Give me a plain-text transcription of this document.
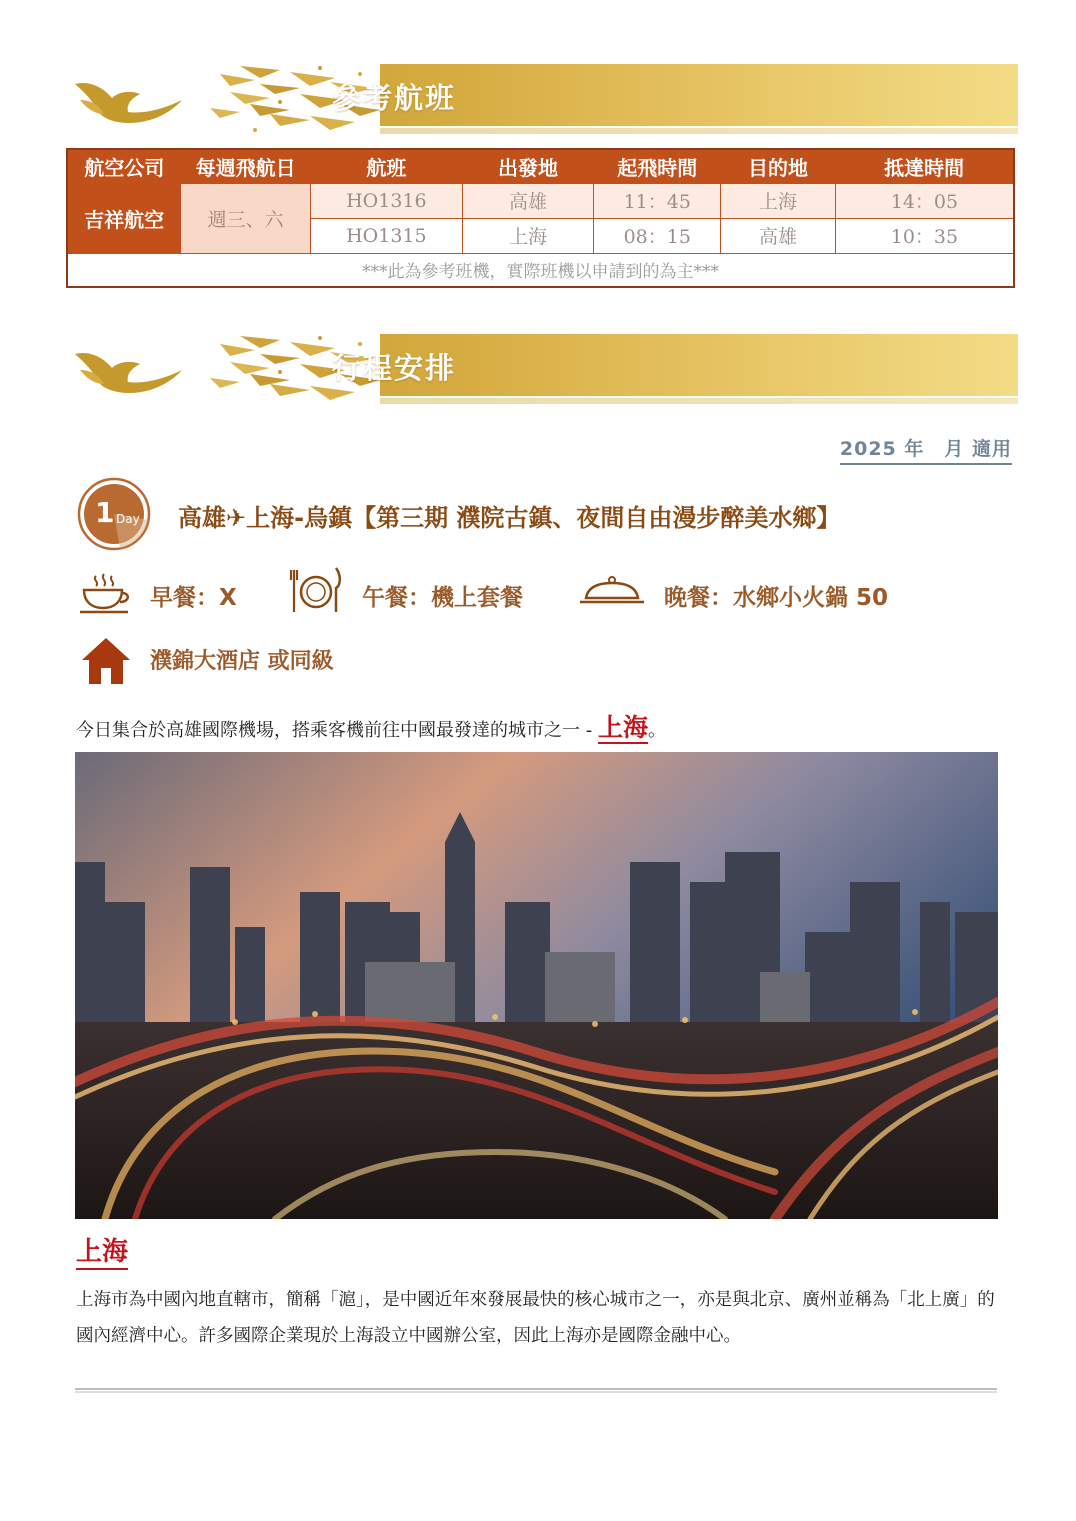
參考航班
航空公司	每週飛航日	航班	出發地	起飛時間	目的地	抵達時間
吉祥航空	週三、六	HO1316	高雄	11：45	上海	14：05
		HO1315	上海	08：15	高雄	10：35
***此為參考班機，實際班機以申請到的為主***						
行程安排
2025 年　月 適用
1 Day 高雄✈上海-烏鎮【第三期 濮院古鎮、夜間自由漫步醉美水鄉】
早餐：X	午餐：機上套餐	晚餐：水鄉小火鍋 50
濮錦大酒店 或同級
今日集合於高雄國際機場，搭乘客機前往中國最發達的城市之一 - 上海。
上海
上海市為中國內地直轄市，簡稱「滬」，是中國近年來發展最快的核心城市之一，亦是與北京、廣州並稱為「北上廣」的國內經濟中心。許多國際企業現於上海設立中國辦公室，因此上海亦是國際金融中心。
